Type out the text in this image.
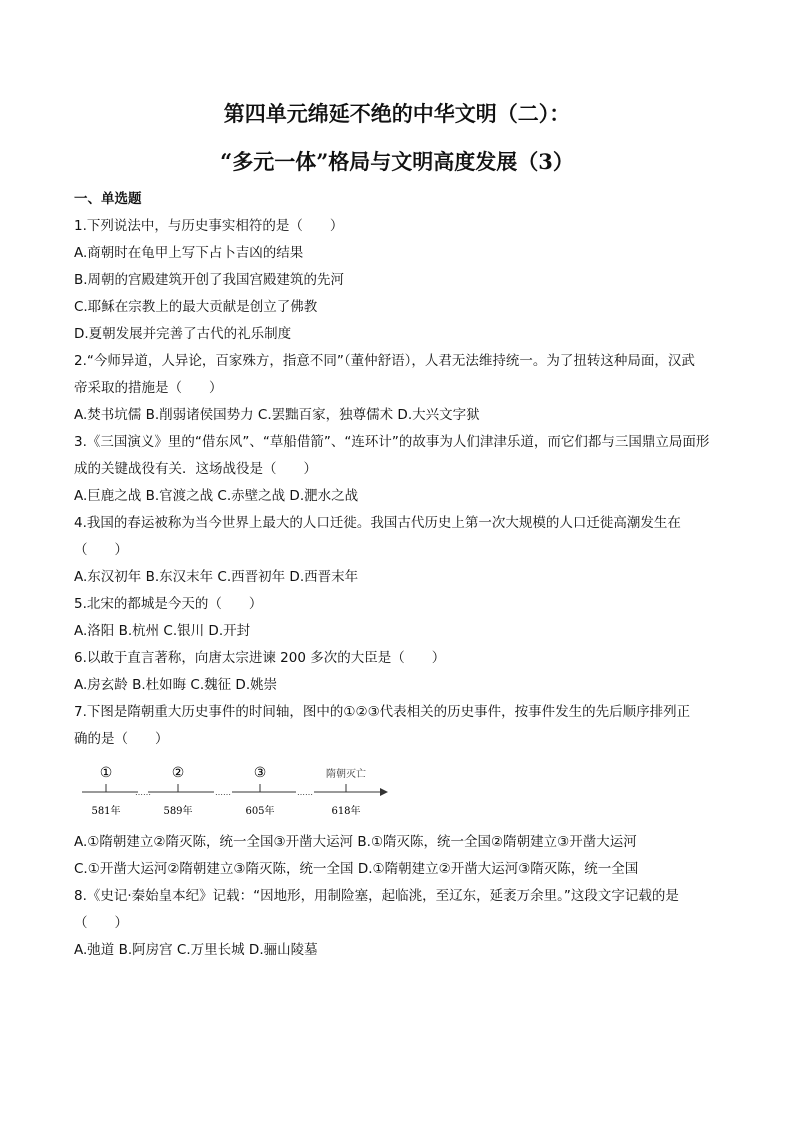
第四单元绵延不绝的中华文明（二）：
“多元一体”格局与文明高度发展（3）
一、单选题
1.下列说法中，与历史事实相符的是（　　）
A.商朝时在龟甲上写下占卜吉凶的结果
B.周朝的宫殿建筑开创了我国宫殿建筑的先河
C.耶稣在宗教上的最大贡献是创立了佛教
D.夏朝发展并完善了古代的礼乐制度
2.“今师异道，人异论，百家殊方，指意不同”（董仲舒语），人君无法维持统一。为了扭转这种局面，汉武
帝采取的措施是（　　）
A.焚书坑儒 B.削弱诸侯国势力 C.罢黜百家，独尊儒术 D.大兴文字狱
3.《三国演义》里的“借东风”、“草船借箭”、“连环计”的故事为人们津津乐道，而它们都与三国鼎立局面形
成的关键战役有关．这场战役是（　　）
A.巨鹿之战 B.官渡之战 C.赤壁之战 D.淝水之战
4.我国的春运被称为当今世界上最大的人口迁徙。我国古代历史上第一次大规模的人口迁徙高潮发生在
（　　）
A.东汉初年 B.东汉末年 C.西晋初年 D.西晋末年
5.北宋的都城是今天的（　　）
A.洛阳 B.杭州 C.银川 D.开封
6.以敢于直言著称，向唐太宗进谏 200 多次的大臣是（　　）
A.房玄龄 B.杜如晦 C.魏征 D.姚崇
7.下图是隋朝重大历史事件的时间轴，图中的①②③代表相关的历史事件，按事件发生的先后顺序排列正
确的是（　　）
①	②	③	隋朝灭亡
……	……	……
581年	589年	605年	618年
A.①隋朝建立②隋灭陈，统一全国③开凿大运河 B.①隋灭陈，统一全国②隋朝建立③开凿大运河
C.①开凿大运河②隋朝建立③隋灭陈，统一全国 D.①隋朝建立②开凿大运河③隋灭陈，统一全国
8.《史记·秦始皇本纪》记载：“因地形，用制险塞，起临洮，至辽东，延袤万余里。”这段文字记载的是
（　　）
A.弛道 B.阿房宫 C.万里长城 D.骊山陵墓
